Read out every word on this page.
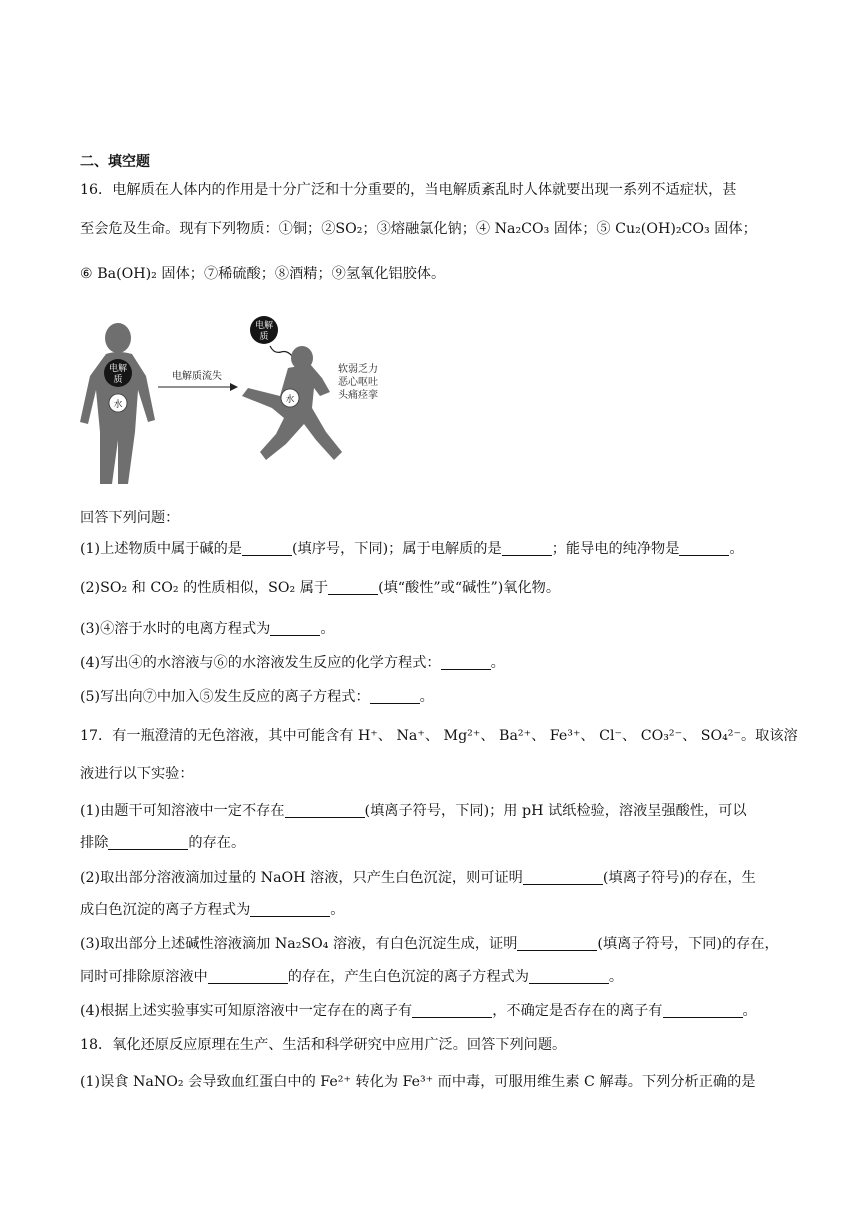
二、填空题
16．电解质在人体内的作用是十分广泛和十分重要的，当电解质紊乱时人体就要出现一系列不适症状，甚
至会危及生命。现有下列物质：①铜；②SO₂；③熔融氯化钠；④ Na₂CO₃ 固体；⑤ Cu₂(OH)₂CO₃ 固体；
⑥ Ba(OH)₂ 固体；⑦稀硫酸；⑧酒精；⑨氢氧化铝胶体。
电解
质
水
电解质流失
电解
质
水
软弱乏力
恶心呕吐
头痛痉挛
回答下列问题：
(1)上述物质中属于碱的是	(填序号，下同)；属于电解质的是	；能导电的纯净物是	。
(2)SO₂ 和 CO₂ 的性质相似，SO₂ 属于	(填“酸性”或“碱性”)氧化物。
(3)④溶于水时的电离方程式为	。
(4)写出④的水溶液与⑥的水溶液发生反应的化学方程式：	。
(5)写出向⑦中加入⑤发生反应的离子方程式：	。
17．有一瓶澄清的无色溶液，其中可能含有 H⁺、 Na⁺、 Mg²⁺、 Ba²⁺、 Fe³⁺、 Cl⁻、 CO₃²⁻、 SO₄²⁻。取该溶
液进行以下实验：
(1)由题干可知溶液中一定不存在	(填离子符号，下同)；用 pH 试纸检验，溶液呈强酸性，可以
排除	的存在。
(2)取出部分溶液滴加过量的 NaOH 溶液，只产生白色沉淀，则可证明	(填离子符号)的存在，生
成白色沉淀的离子方程式为	。
(3)取出部分上述碱性溶液滴加 Na₂SO₄ 溶液，有白色沉淀生成，证明	(填离子符号，下同)的存在，
同时可排除原溶液中	的存在，产生白色沉淀的离子方程式为	。
(4)根据上述实验事实可知原溶液中一定存在的离子有	，不确定是否存在的离子有	。
18．氧化还原反应原理在生产、生活和科学研究中应用广泛。回答下列问题。
(1)误食 NaNO₂ 会导致血红蛋白中的 Fe²⁺ 转化为 Fe³⁺ 而中毒，可服用维生素 C 解毒。下列分析正确的是
